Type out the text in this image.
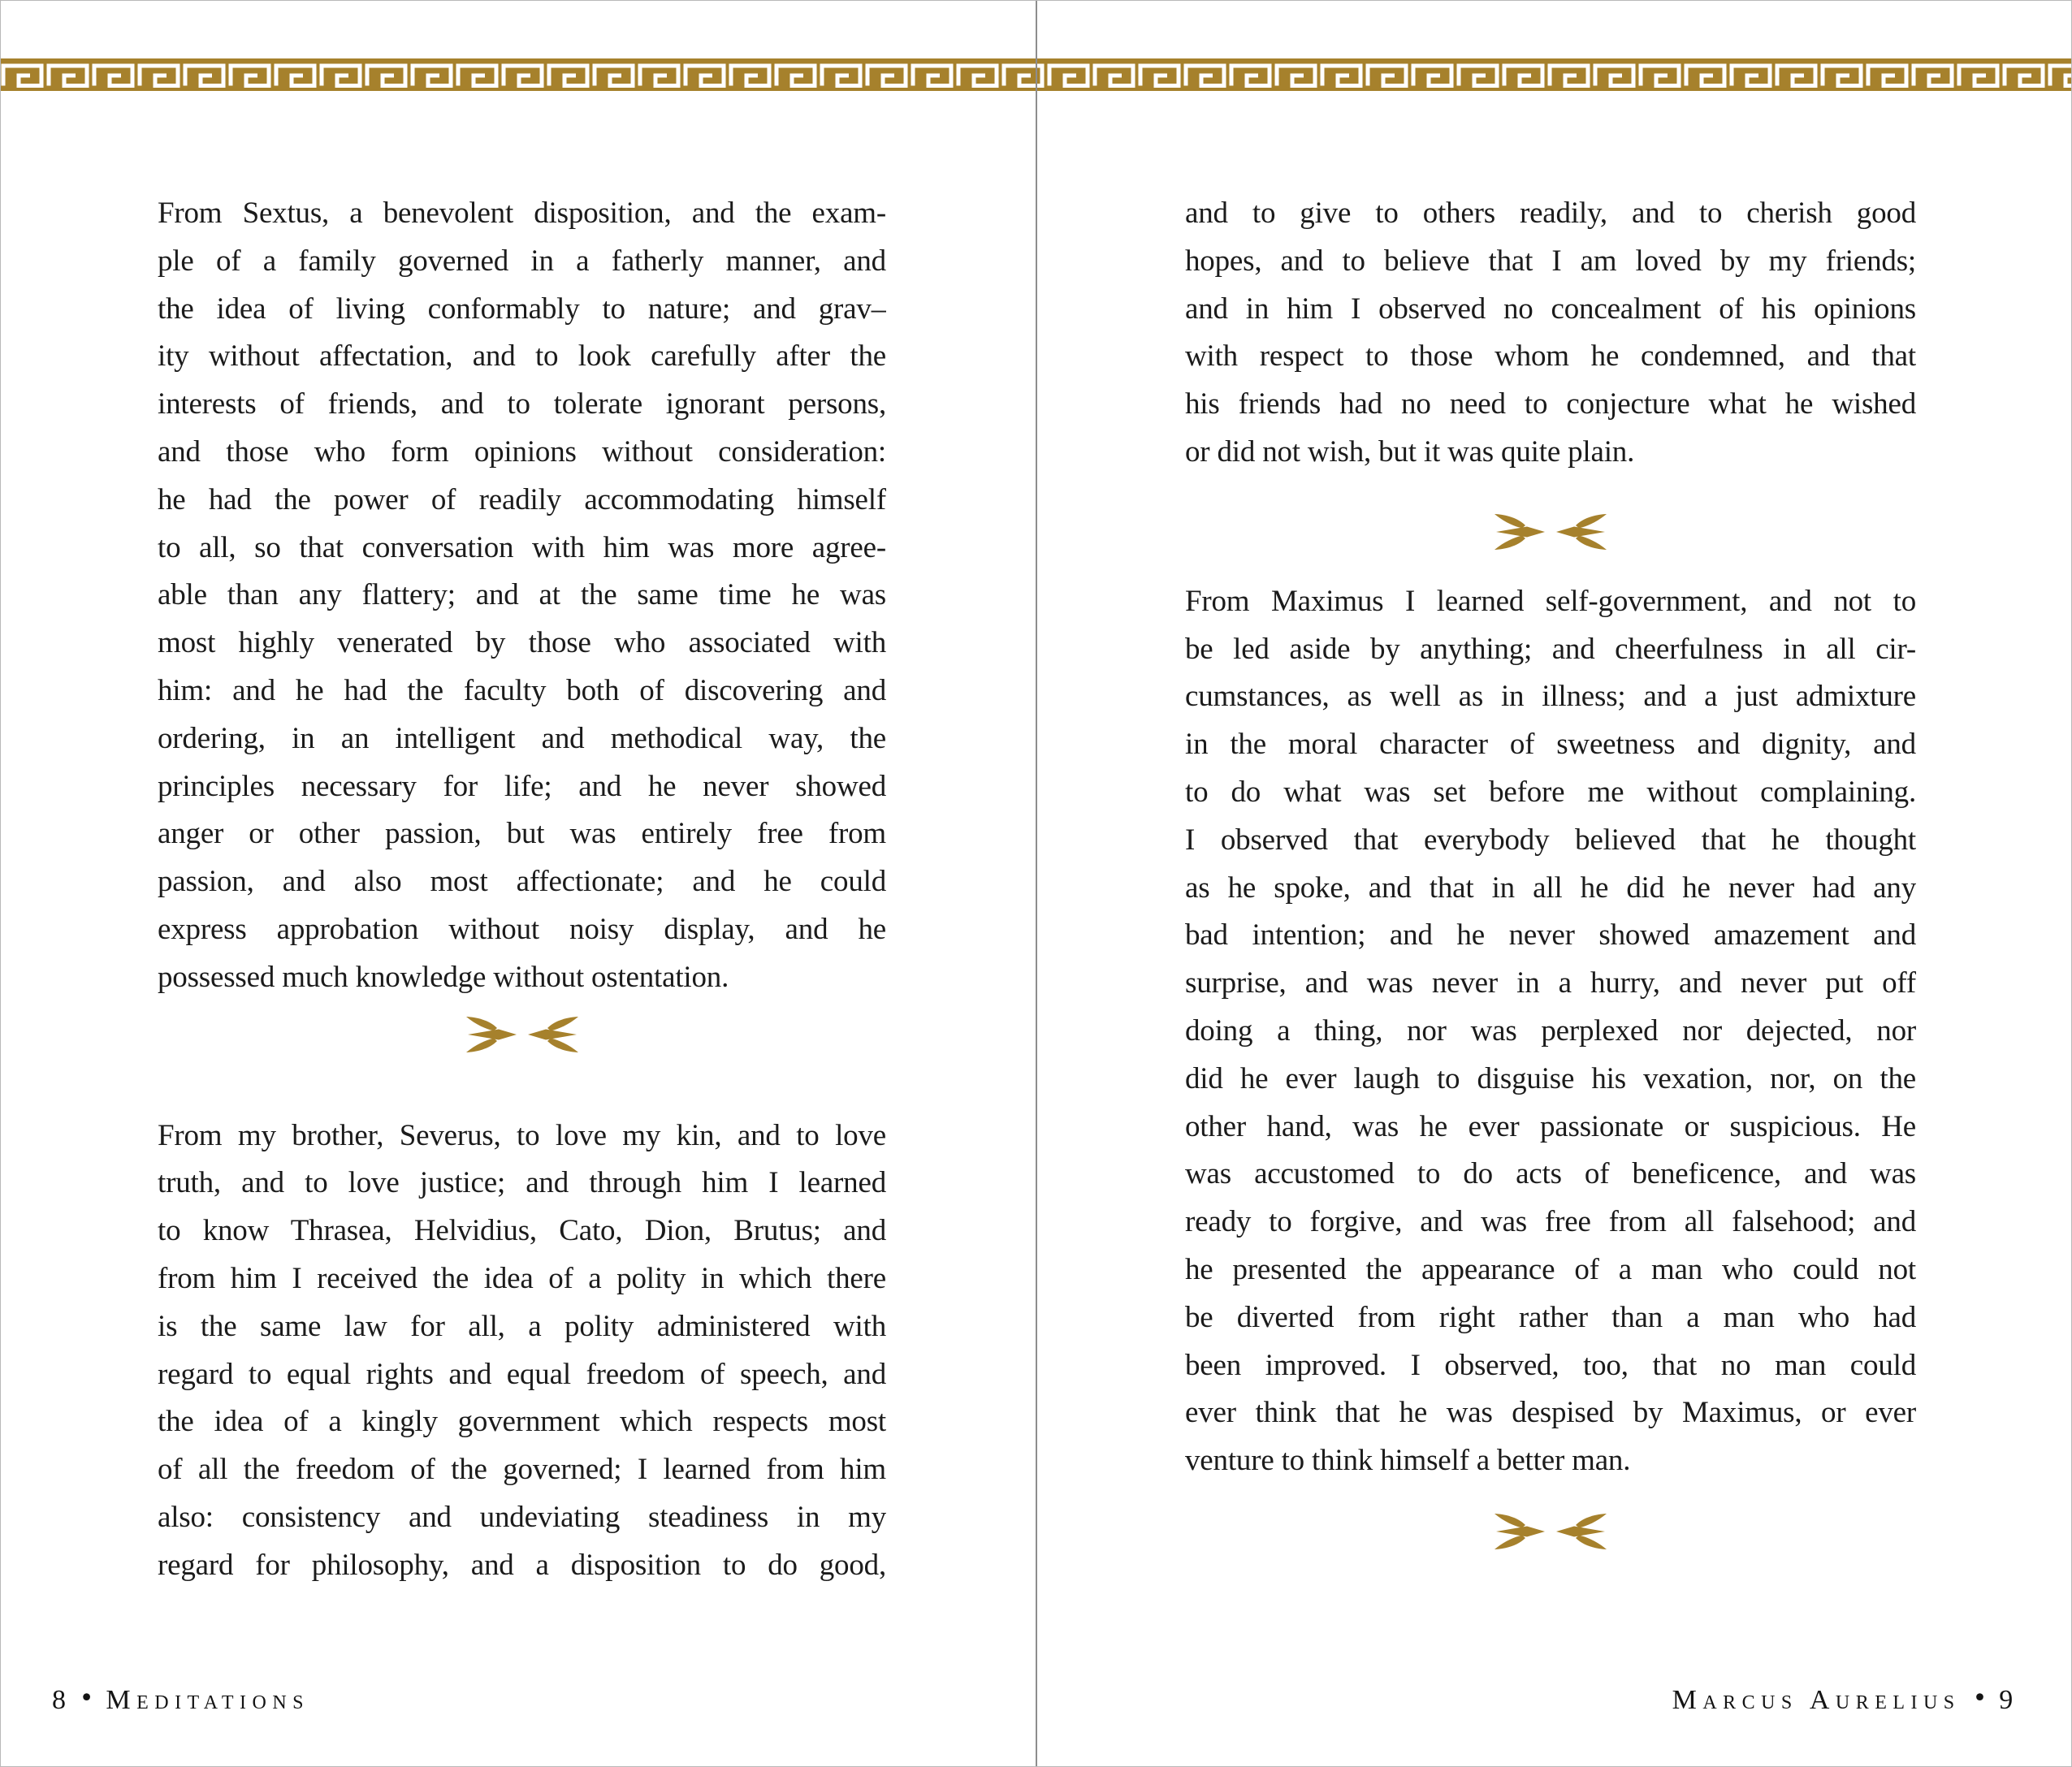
From Sextus, a benevolent disposition, and the exam-
ple of a family governed in a fatherly manner, and
the idea of living conformably to nature; and grav–
ity without affectation, and to look carefully after the
interests of friends, and to tolerate ignorant persons,
and those who form opinions without consideration:
he had the power of readily accommodating himself
to all, so that conversation with him was more agree-
able than any flattery; and at the same time he was
most highly venerated by those who associated with
him: and he had the faculty both of discovering and
ordering, in an intelligent and methodical way, the
principles necessary for life; and he never showed
anger or other passion, but was entirely free from
passion, and also most affectionate; and he could
express approbation without noisy display, and he
possessed much knowledge without ostentation.
From my brother, Severus, to love my kin, and to love
truth, and to love justice; and through him I learned
to know Thrasea, Helvidius, Cato, Dion, Brutus; and
from him I received the idea of a polity in which there
is the same law for all, a polity administered with
regard to equal rights and equal freedom of speech, and
the idea of a kingly government which respects most
of all the freedom of the governed; I learned from him
also: consistency and undeviating steadiness in my
regard for philosophy, and a disposition to do good,
and to give to others readily, and to cherish good
hopes, and to believe that I am loved by my friends;
and in him I observed no concealment of his opinions
with respect to those whom he condemned, and that
his friends had no need to conjecture what he wished
or did not wish, but it was quite plain.
From Maximus I learned self-government, and not to
be led aside by anything; and cheerfulness in all cir-
cumstances, as well as in illness; and a just admixture
in the moral character of sweetness and dignity, and
to do what was set before me without complaining.
I observed that everybody believed that he thought
as he spoke, and that in all he did he never had any
bad intention; and he never showed amazement and
surprise, and was never in a hurry, and never put off
doing a thing, nor was perplexed nor dejected, nor
did he ever laugh to disguise his vexation, nor, on the
other hand, was he ever passionate or suspicious. He
was accustomed to do acts of beneficence, and was
ready to forgive, and was free from all falsehood; and
he presented the appearance of a man who could not
be diverted from right rather than a man who had
been improved. I observed, too, that no man could
ever think that he was despised by Maximus, or ever
venture to think himself a better man.
8 • Meditations	Marcus Aurelius • 9
